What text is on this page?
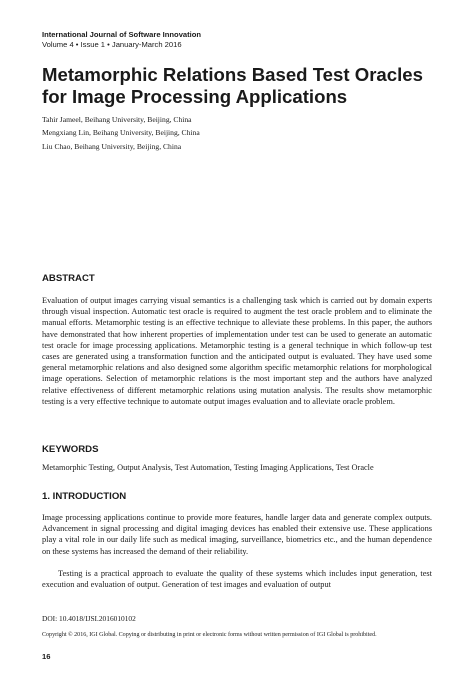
International Journal of Software Innovation
Volume 4 • Issue 1 • January-March 2016
Metamorphic Relations Based Test Oracles for Image Processing Applications
Tahir Jameel, Beihang University, Beijing, China
Mengxiang Lin, Beihang University, Beijing, China
Liu Chao, Beihang University, Beijing, China
ABSTRACT
Evaluation of output images carrying visual semantics is a challenging task which is carried out by domain experts through visual inspection. Automatic test oracle is required to augment the test oracle problem and to eliminate the manual efforts. Metamorphic testing is an effective technique to alleviate these problems. In this paper, the authors have demonstrated that how inherent properties of implementation under test can be used to generate an automatic test oracle for image processing applications. Metamorphic testing is a general technique in which follow-up test cases are generated using a transformation function and the anticipated output is evaluated. They have used some general metamorphic relations and also designed some algorithm specific metamorphic relations for morphological image operations. Selection of metamorphic relations is the most important step and the authors have analyzed relative effectiveness of different metamorphic relations using mutation analysis. The results show metamorphic testing is a very effective technique to automate output images evaluation and to alleviate oracle problem.
KEYWORDS
Metamorphic Testing, Output Analysis, Test Automation, Testing Imaging Applications, Test Oracle
1. INTRODUCTION
Image processing applications continue to provide more features, handle larger data and generate complex outputs. Advancement in signal processing and digital imaging devices has enabled their extensive use. These applications play a vital role in our daily life such as medical imaging, surveillance, biometrics etc., and the human dependence on these systems has increased the demand of their reliability.
Testing is a practical approach to evaluate the quality of these systems which includes input generation, test execution and evaluation of output. Generation of test images and evaluation of output
DOI: 10.4018/IJSI.2016010102
Copyright © 2016, IGI Global. Copying or distributing in print or electronic forms without written permission of IGI Global is prohibited.
16
